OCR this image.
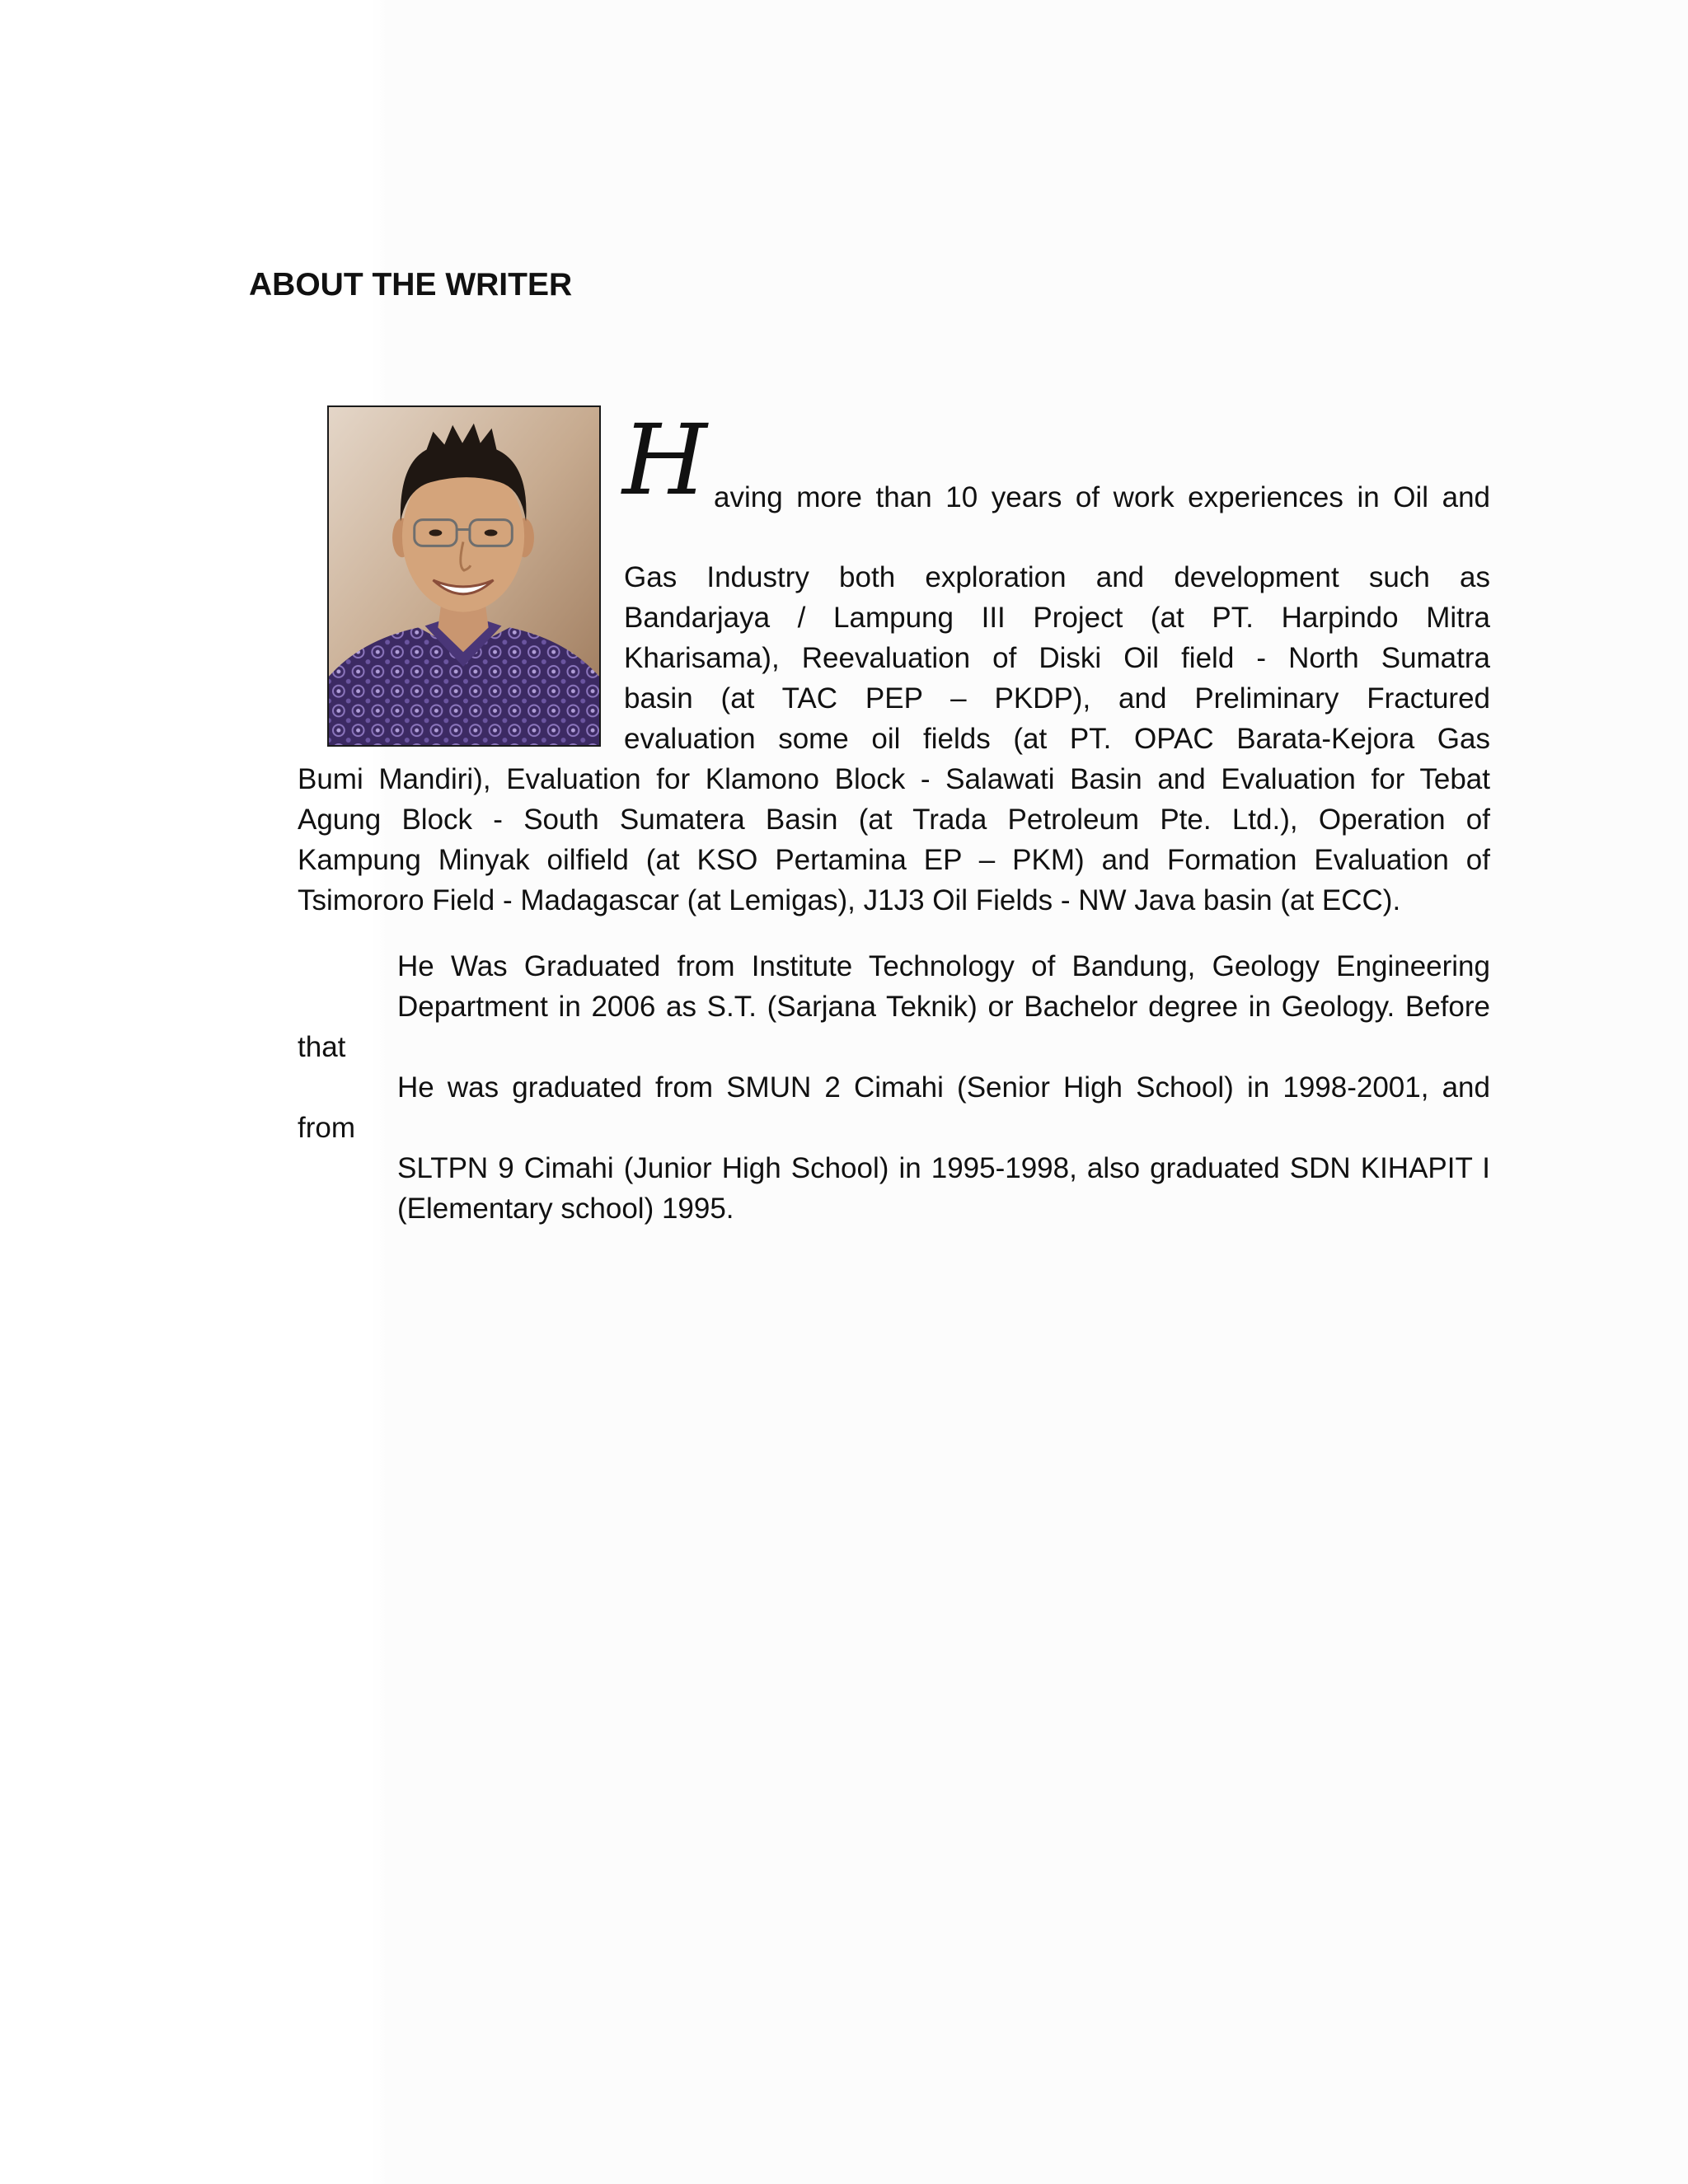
ABOUT THE WRITER
H aving more than 10 years of work experiences in Oil and

Gas Industry both exploration and development such as
Bandarjaya / Lampung III Project (at PT. Harpindo Mitra
Kharisama), Reevaluation of Diski Oil field - North Sumatra
basin (at TAC PEP – PKDP), and Preliminary Fractured
evaluation some oil fields (at PT. OPAC Barata-Kejora Gas
Bumi Mandiri), Evaluation for Klamono Block - Salawati Basin and Evaluation for Tebat
Agung Block - South Sumatera Basin (at Trada Petroleum Pte. Ltd.), Operation of
Kampung Minyak oilfield (at KSO Pertamina EP – PKM) and Formation Evaluation of
Tsimororo Field - Madagascar (at Lemigas), J1J3 Oil Fields - NW Java basin (at ECC).
He Was Graduated from Institute Technology of Bandung, Geology Engineering
Department in 2006 as S.T. (Sarjana Teknik) or Bachelor degree in Geology. Before that
He was graduated from SMUN 2 Cimahi (Senior High School) in 1998-2001, and from
SLTPN 9 Cimahi (Junior High School) in 1995-1998, also graduated SDN KIHAPIT I
(Elementary school) 1995.
